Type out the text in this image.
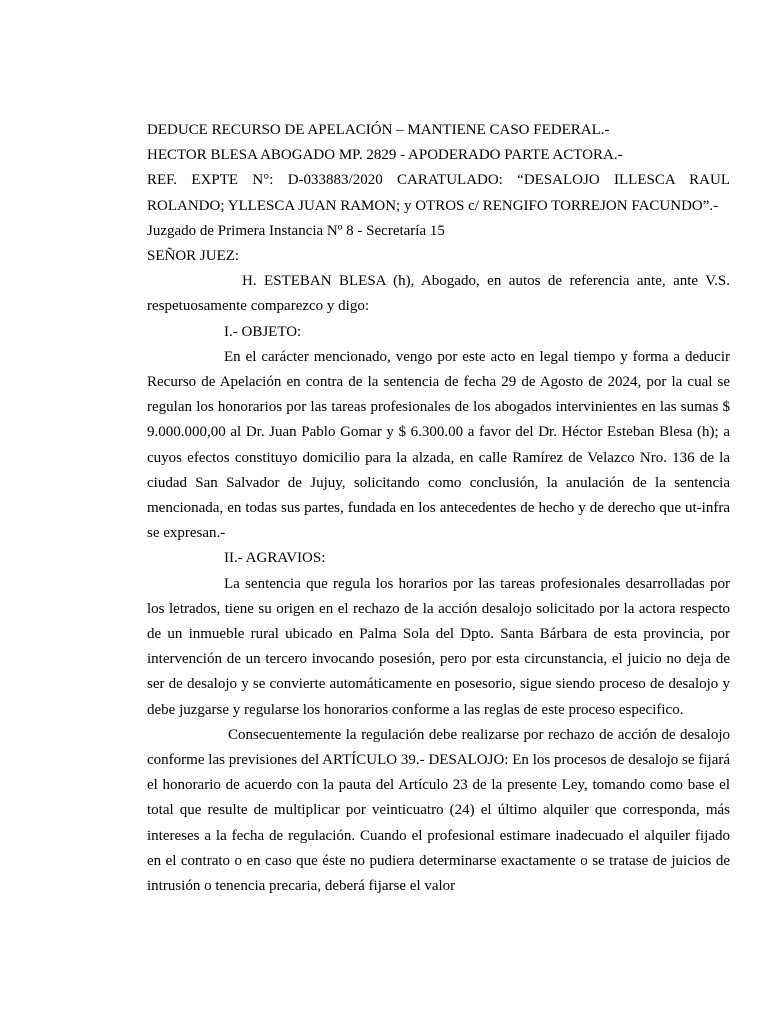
DEDUCE RECURSO DE APELACIÓN – MANTIENE CASO FEDERAL.-

HECTOR BLESA ABOGADO MP. 2829 - APODERADO PARTE ACTORA.-

REF. EXPTE N°: D-033883/2020 CARATULADO: “DESALOJO ILLESCA RAUL ROLANDO; YLLESCA JUAN RAMON; y OTROS c/ RENGIFO TORREJON FACUNDO”.-

Juzgado de Primera Instancia Nº 8 - Secretaría 15

SEÑOR JUEZ:

H. ESTEBAN BLESA (h), Abogado, en autos de referencia ante, ante V.S. respetuosamente comparezco y digo:

I.- OBJETO:

En el carácter mencionado, vengo por este acto en legal tiempo y forma a deducir Recurso de Apelación en contra de la sentencia de fecha 29 de Agosto de 2024, por la cual se regulan los honorarios por las tareas profesionales de los abogados intervinientes en las sumas $ 9.000.000,00 al Dr. Juan Pablo Gomar y $ 6.300.00 a favor del Dr. Héctor Esteban Blesa (h); a cuyos efectos constituyo domicilio para la alzada, en calle Ramírez de Velazco Nro. 136 de la ciudad San Salvador de Jujuy, solicitando como conclusión, la anulación de la sentencia mencionada, en todas sus partes, fundada en los antecedentes de hecho y de derecho que ut-infra se expresan.-

II.- AGRAVIOS:

La sentencia que regula los horarios por las tareas profesionales desarrolladas por los letrados, tiene su origen en el rechazo de la acción desalojo solicitado por la actora respecto de un inmueble rural ubicado en Palma Sola del Dpto. Santa Bárbara de esta provincia, por intervención de un tercero invocando posesión, pero por esta circunstancia, el juicio no deja de ser de desalojo y se convierte automáticamente en posesorio, sigue siendo proceso de desalojo y debe juzgarse y regularse los honorarios conforme a las reglas de este proceso especifico.

Consecuentemente la regulación debe realizarse por rechazo de acción de desalojo conforme las previsiones del ARTÍCULO 39.- DESALOJO: En los procesos de desalojo se fijará el honorario de acuerdo con la pauta del Artículo 23 de la presente Ley, tomando como base el total que resulte de multiplicar por veinticuatro (24) el último alquiler que corresponda, más intereses a la fecha de regulación. Cuando el profesional estimare inadecuado el alquiler fijado en el contrato o en caso que éste no pudiera determinarse exactamente o se tratase de juicios de intrusión o tenencia precaria, deberá fijarse el valor
